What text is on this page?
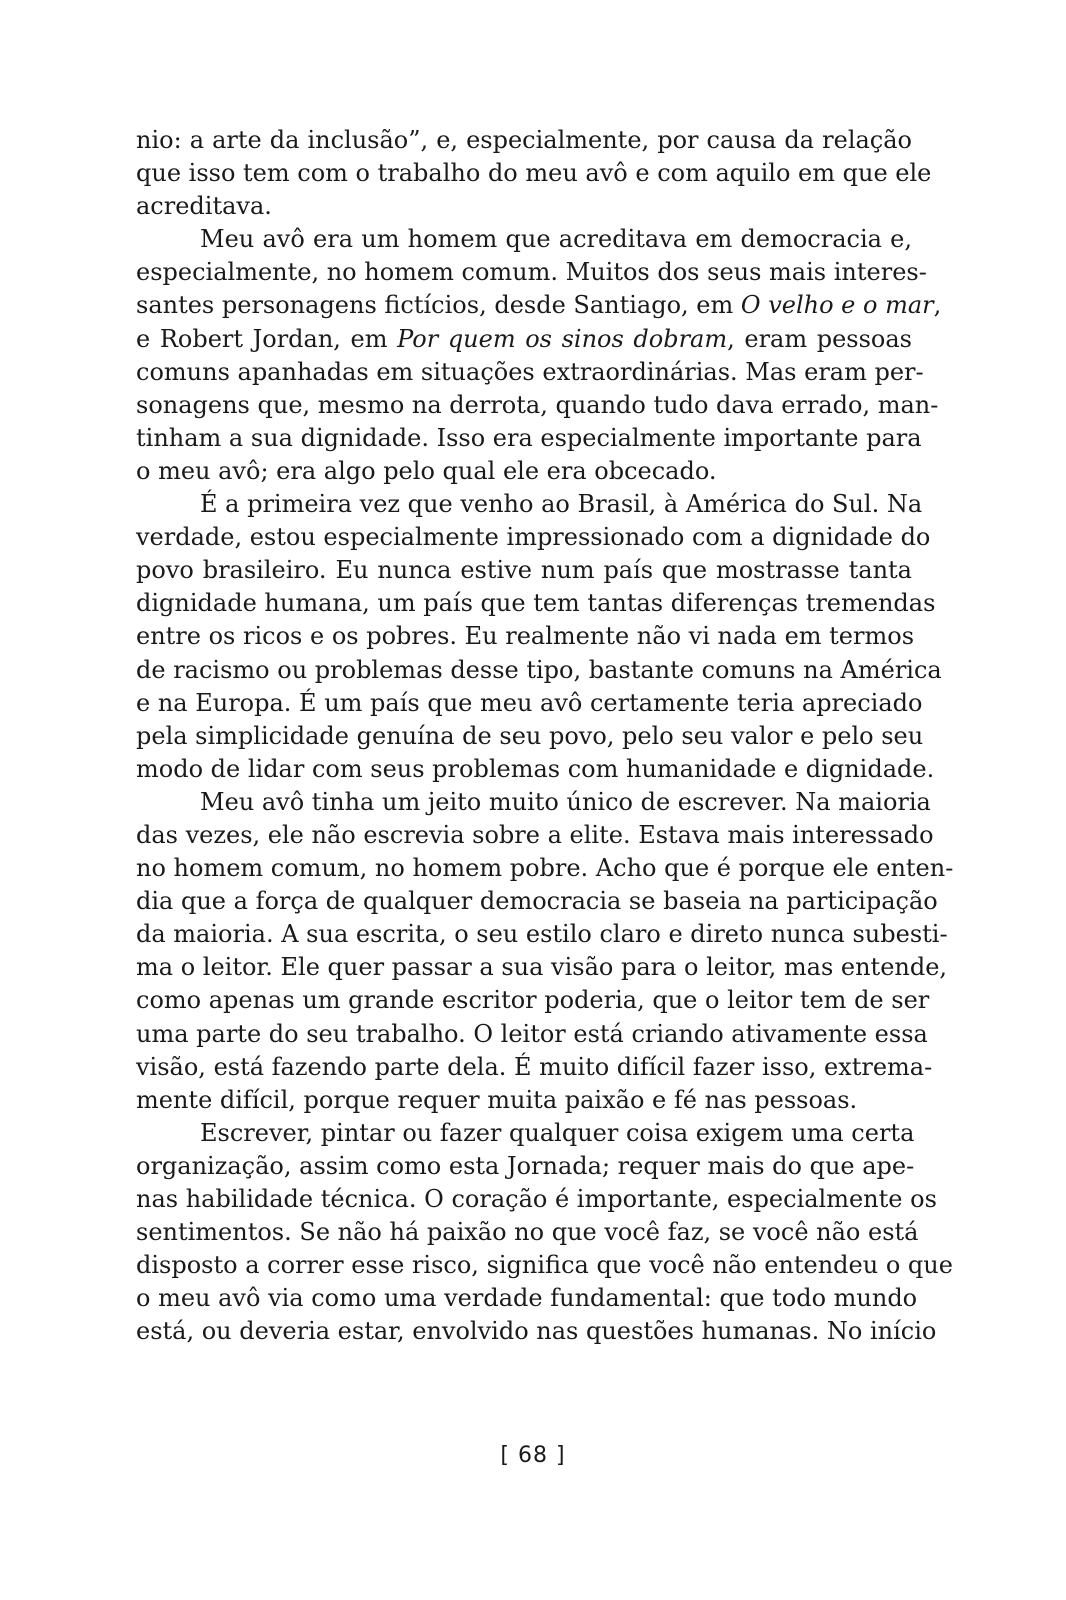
nio: a arte da inclusão”, e, especialmente, por causa da relação
que isso tem com o trabalho do meu avô e com aquilo em que ele
acreditava.
Meu avô era um homem que acreditava em democracia e,
especialmente, no homem comum. Muitos dos seus mais interes-
santes personagens fictícios, desde Santiago, em O velho e o mar,
e Robert Jordan, em Por quem os sinos dobram, eram pessoas
comuns apanhadas em situações extraordinárias. Mas eram per-
sonagens que, mesmo na derrota, quando tudo dava errado, man-
tinham a sua dignidade. Isso era especialmente importante para
o meu avô; era algo pelo qual ele era obcecado.
É a primeira vez que venho ao Brasil, à América do Sul. Na
verdade, estou especialmente impressionado com a dignidade do
povo brasileiro. Eu nunca estive num país que mostrasse tanta
dignidade humana, um país que tem tantas diferenças tremendas
entre os ricos e os pobres. Eu realmente não vi nada em termos
de racismo ou problemas desse tipo, bastante comuns na América
e na Europa. É um país que meu avô certamente teria apreciado
pela simplicidade genuína de seu povo, pelo seu valor e pelo seu
modo de lidar com seus problemas com humanidade e dignidade.
Meu avô tinha um jeito muito único de escrever. Na maioria
das vezes, ele não escrevia sobre a elite. Estava mais interessado
no homem comum, no homem pobre. Acho que é porque ele enten-
dia que a força de qualquer democracia se baseia na participação
da maioria. A sua escrita, o seu estilo claro e direto nunca subesti-
ma o leitor. Ele quer passar a sua visão para o leitor, mas entende,
como apenas um grande escritor poderia, que o leitor tem de ser
uma parte do seu trabalho. O leitor está criando ativamente essa
visão, está fazendo parte dela. É muito difícil fazer isso, extrema-
mente difícil, porque requer muita paixão e fé nas pessoas.
Escrever, pintar ou fazer qualquer coisa exigem uma certa
organização, assim como esta Jornada; requer mais do que ape-
nas habilidade técnica. O coração é importante, especialmente os
sentimentos. Se não há paixão no que você faz, se você não está
disposto a correr esse risco, significa que você não entendeu o que
o meu avô via como uma verdade fundamental: que todo mundo
está, ou deveria estar, envolvido nas questões humanas. No início
[ 68 ]
